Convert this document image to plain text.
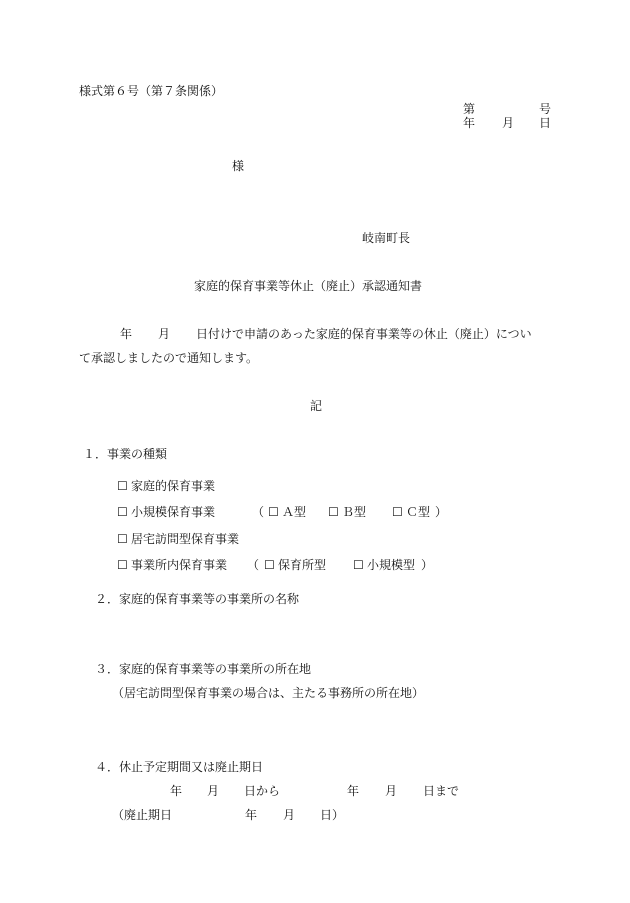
様式第６号（第７条関係）
第	号
年 月 日
様
岐南町長
家庭的保育事業等休止（廃止）承認通知書
年 月 日付けで申請のあった家庭的保育事業等の休止（廃止）につい
て承認しましたので通知します。
記
１．事業の種類
☐ 家庭的保育事業
☐ 小規模保育事業	（ ☐ Ａ型 ☐ Ｂ型 ☐ Ｃ型 ）
☐ 居宅訪問型保育事業
☐ 事業所内保育事業 （ ☐ 保育所型 ☐ 小規模型 ）
２．家庭的保育事業等の事業所の名称
３．家庭的保育事業等の事業所の所在地
（居宅訪問型保育事業の場合は、主たる事務所の所在地）
４．休止予定期間又は廃止期日
年 月 日から	年 月 日まで
（廃止期日	年 月 日）
